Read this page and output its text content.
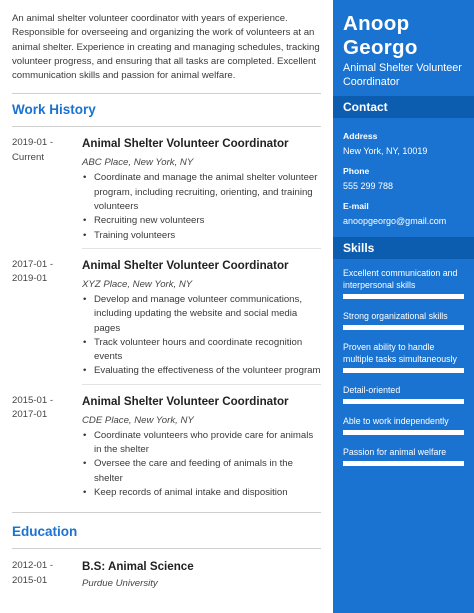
An animal shelter volunteer coordinator with years of experience. Responsible for overseeing and organizing the work of volunteers at an animal shelter. Experience in creating and managing schedules, tracking volunteer progress, and ensuring that all tasks are completed. Excellent communication skills and passion for animal welfare.

Work History
2019-01 -
Current
Animal Shelter Volunteer Coordinator
ABC Place, New York, NY
• Coordinate and manage the animal shelter volunteer program, including recruiting, orienting, and training volunteers
• Recruiting new volunteers
• Training volunteers
2017-01 -
2019-01
Animal Shelter Volunteer Coordinator
XYZ Place, New York, NY
• Develop and manage volunteer communications, including updating the website and social media pages
• Track volunteer hours and coordinate recognition events
• Evaluating the effectiveness of the volunteer program
2015-01 -
2017-01
Animal Shelter Volunteer Coordinator
CDE Place, New York, NY
• Coordinate volunteers who provide care for animals in the shelter
• Oversee the care and feeding of animals in the shelter
• Keep records of animal intake and disposition
Education
2012-01 -
2015-01
B.S: Animal Science
Purdue University
Anoop
Georgo
Animal Shelter Volunteer Coordinator
Contact
Address
New York, NY, 10019
Phone
555 299 788
E-mail
anoopgeorgo@gmail.com
Skills
Excellent communication and interpersonal skills
Strong organizational skills
Proven ability to handle multiple tasks simultaneously
Detail-oriented
Able to work independently
Passion for animal welfare
